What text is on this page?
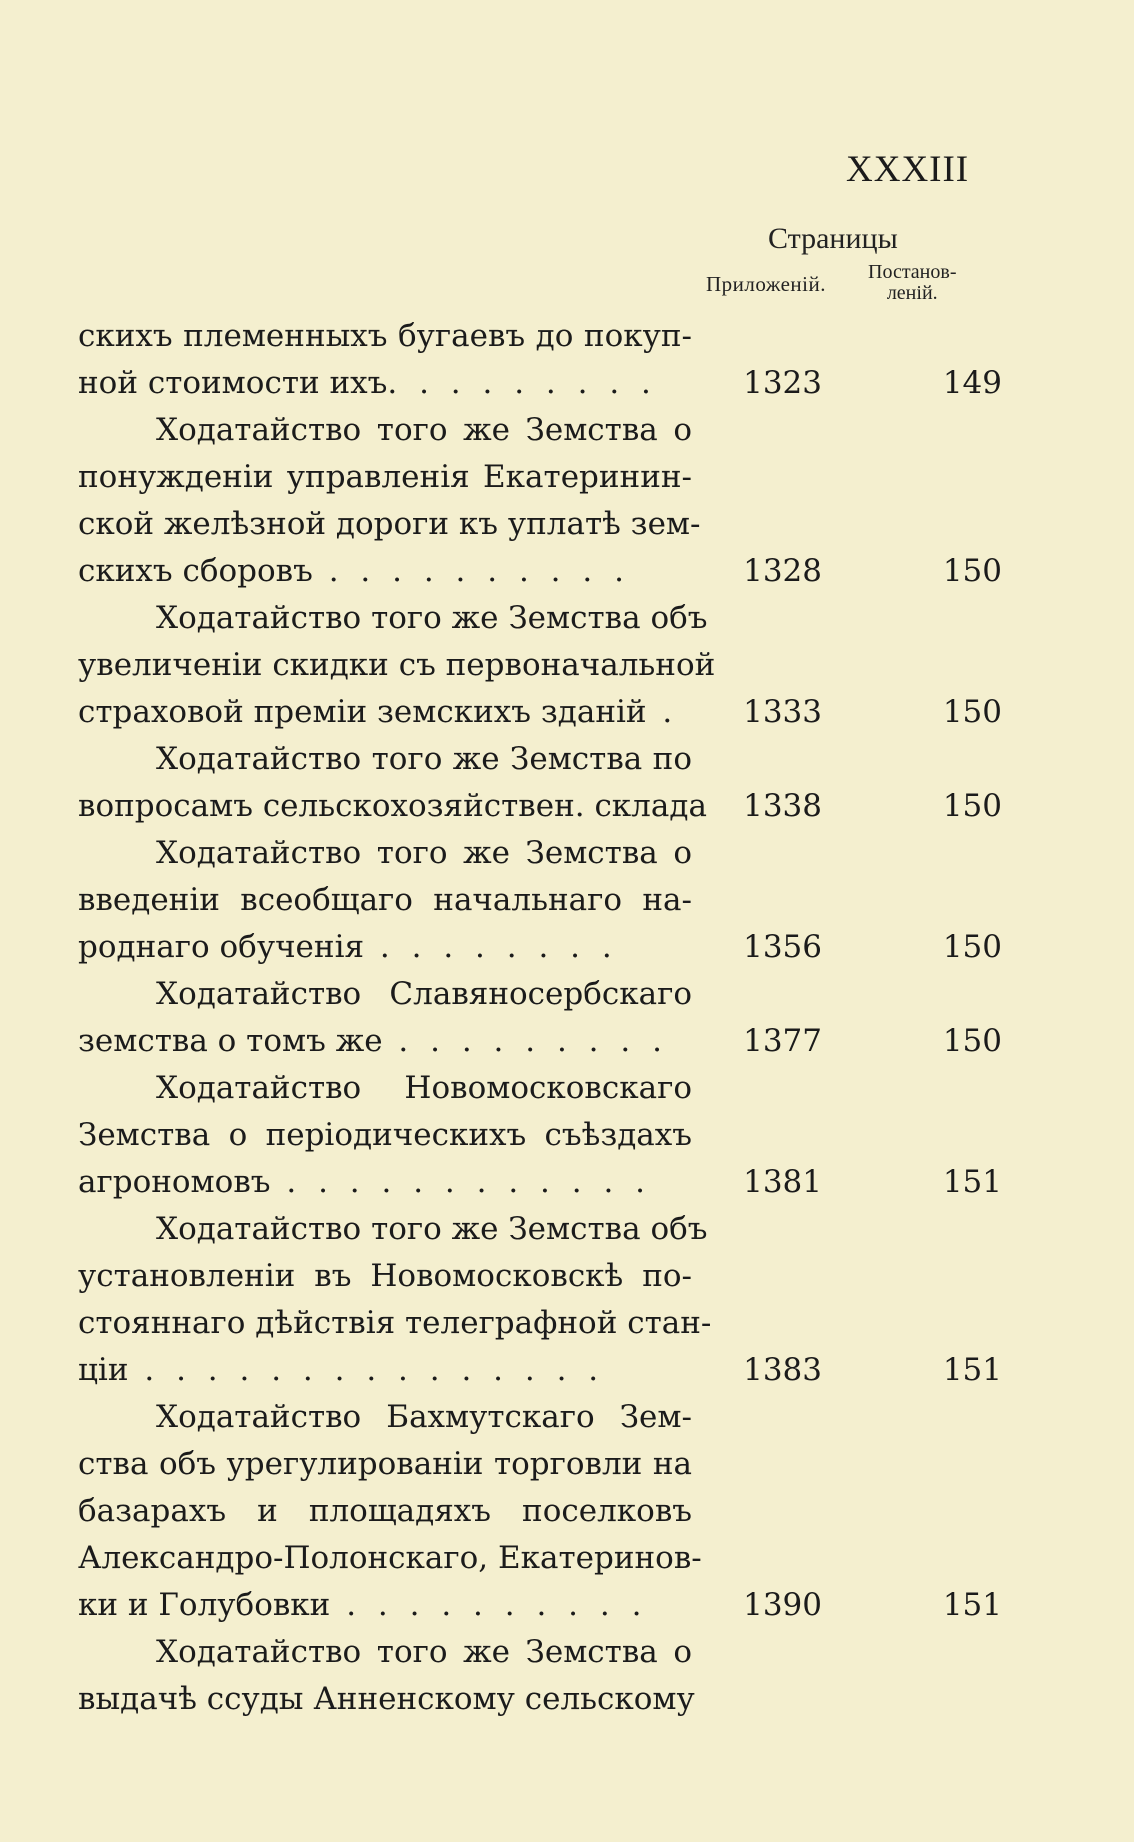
XXXIII
Страницы
Приложеній. Постанов-
леній.
скихъ племенныхъ бугаевъ до покуп-
ной стоимости ихъ. . . . . . . . .	1323	149
Ходатайство того же Земства о
понужденіи управленія Екатеринин-
ской желѣзной дороги къ уплатѣ зем-
скихъ сборовъ . . . . . . . . . .	1328	150
Ходатайство того же Земства объ
увеличеніи скидки съ первоначальной
страховой преміи земскихъ зданій .	1333	150
Ходатайство того же Земства по
вопросамъ сельскохозяйствен. склада	1338	150
Ходатайство того же Земства о
введеніи всеобщаго начальнаго на-
роднаго обученія . . . . . . . .	1356	150
Ходатайство Славяносербскаго
земства о томъ же . . . . . . . . .	1377	150
Ходатайство Новомосковскаго
Земства о періодическихъ съѣздахъ
агрономовъ . . . . . . . . . . . .	1381	151
Ходатайство того же Земства объ
установленіи въ Новомосковскѣ по-
стояннаго дѣйствія телеграфной стан-
ціи . . . . . . . . . . . . . . .	1383	151
Ходатайство Бахмутскаго Зем-
ства объ урегулированіи торговли на
базарахъ и площадяхъ поселковъ
Александро-Полонскаго, Екатеринов-
ки и Голубовки . . . . . . . . . .	1390	151
Ходатайство того же Земства о
выдачѣ ссуды Анненскому сельскому
